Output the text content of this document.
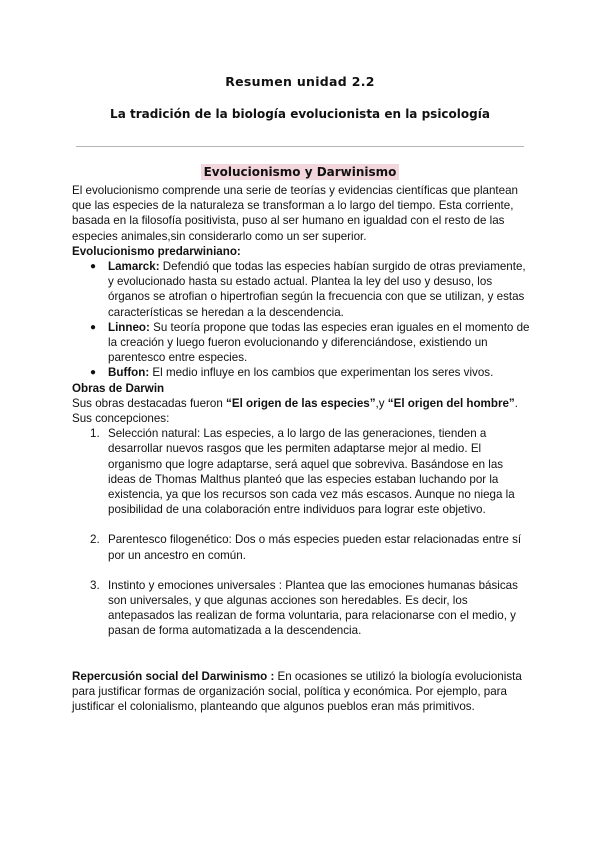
Resumen unidad 2.2
La tradición de la biología evolucionista en la psicología
Evolucionismo y Darwinismo

El evolucionismo comprende una serie de teorías y evidencias científicas que plantean que las especies de la naturaleza se transforman a lo largo del tiempo. Esta corriente, basada en la filosofía positivista, puso al ser humano en igualdad con el resto de las especies animales,sin considerarlo como un ser superior.

Evolucionismo predarwiniano:

● Lamarck: Defendió que todas las especies habían surgido de otras previamente, y evolucionado hasta su estado actual. Plantea la ley del uso y desuso, los órganos se atrofian o hipertrofian según la frecuencia con que se utilizan, y estas características se heredan a la descendencia.
● Linneo: Su teoría propone que todas las especies eran iguales en el momento de la creación y luego fueron evolucionando y diferenciándose, existiendo un parentesco entre especies.
● Buffon: El medio influye en los cambios que experimentan los seres vivos.

Obras de Darwin

Sus obras destacadas fueron “El origen de las especies”,y “El origen del hombre”.

Sus concepciones:

1. Selección natural: Las especies, a lo largo de las generaciones, tienden a desarrollar nuevos rasgos que les permiten adaptarse mejor al medio. El organismo que logre adaptarse, será aquel que sobreviva. Basándose en las ideas de Thomas Malthus planteó que las especies estaban luchando por la existencia, ya que los recursos son cada vez más escasos. Aunque no niega la posibilidad de una colaboración entre individuos para lograr este objetivo.
2. Parentesco filogenético: Dos o más especies pueden estar relacionadas entre sí por un ancestro en común.
3. Instinto y emociones universales : Plantea que las emociones humanas básicas son universales, y que algunas acciones son heredables. Es decir, los antepasados las realizan de forma voluntaria, para relacionarse con el medio, y pasan de forma automatizada a la descendencia.

Repercusión social del Darwinismo : En ocasiones se utilizó la biología evolucionista para justificar formas de organización social, política y económica. Por ejemplo, para justificar el colonialismo, planteando que algunos pueblos eran más primitivos.
